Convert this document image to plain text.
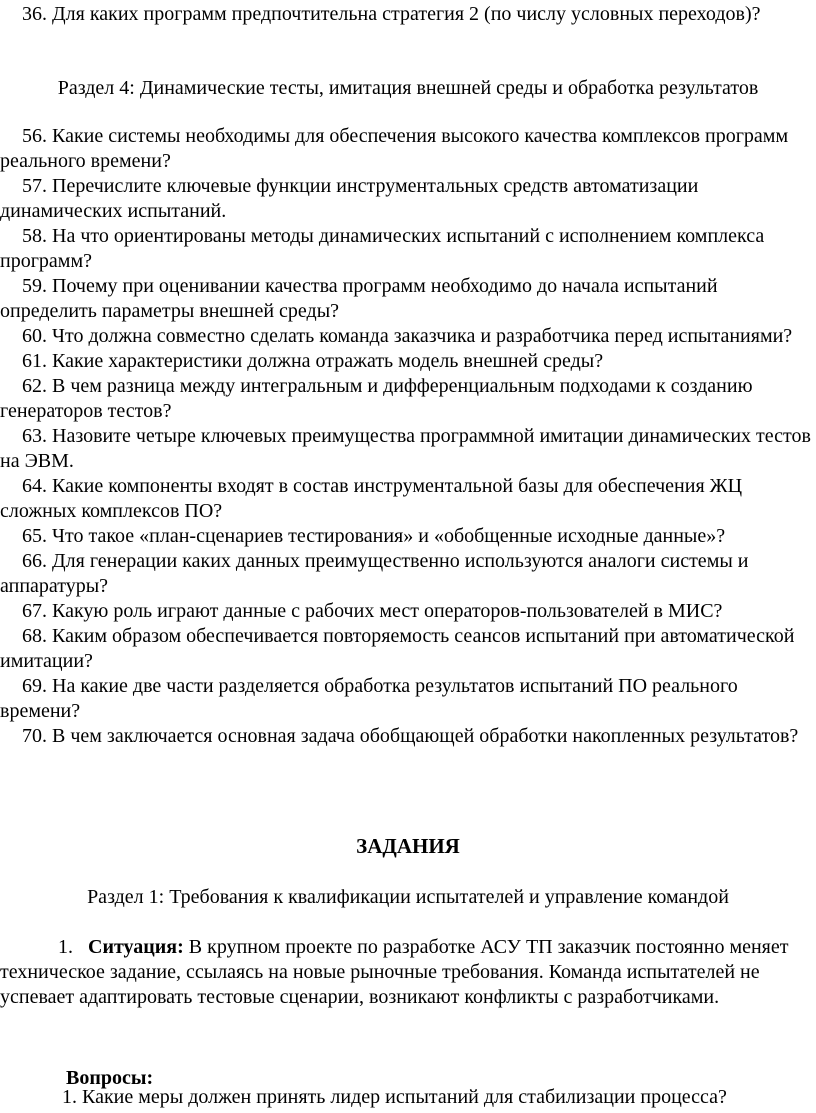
36. Для каких программ предпочтительна стратегия 2 (по числу условных переходов)?

Раздел 4: Динамические тесты, имитация внешней среды и обработка результатов

56. Какие системы необходимы для обеспечения высокого качества комплексов программ реального времени?

57. Перечислите ключевые функции инструментальных средств автоматизации динамических испытаний.

58. На что ориентированы методы динамических испытаний с исполнением комплекса программ?

59. Почему при оценивании качества программ необходимо до начала испытаний определить параметры внешней среды?

60. Что должна совместно сделать команда заказчика и разработчика перед испытаниями?

61. Какие характеристики должна отражать модель внешней среды?

62. В чем разница между интегральным и дифференциальным подходами к созданию генераторов тестов?

63. Назовите четыре ключевых преимущества программной имитации динамических тестов на ЭВМ.

64. Какие компоненты входят в состав инструментальной базы для обеспечения ЖЦ сложных комплексов ПО?

65. Что такое «план-сценариев тестирования» и «обобщенные исходные данные»?

66. Для генерации каких данных преимущественно используются аналоги системы и аппаратуры?

67. Какую роль играют данные с рабочих мест операторов-пользователей в МИС?

68. Каким образом обеспечивается повторяемость сеансов испытаний при автоматической имитации?

69. На какие две части разделяется обработка результатов испытаний ПО реального времени?

70. В чем заключается основная задача обобщающей обработки накопленных результатов?

ЗАДАНИЯ

Раздел 1: Требования к квалификации испытателей и управление командой

1. Ситуация: В крупном проекте по разработке АСУ ТП заказчик постоянно меняет техническое задание, ссылаясь на новые рыночные требования. Команда испытателей не успевает адаптировать тестовые сценарии, возникают конфликты с разработчиками.

Вопросы:

1. Какие меры должен принять лидер испытаний для стабилизации процесса?
